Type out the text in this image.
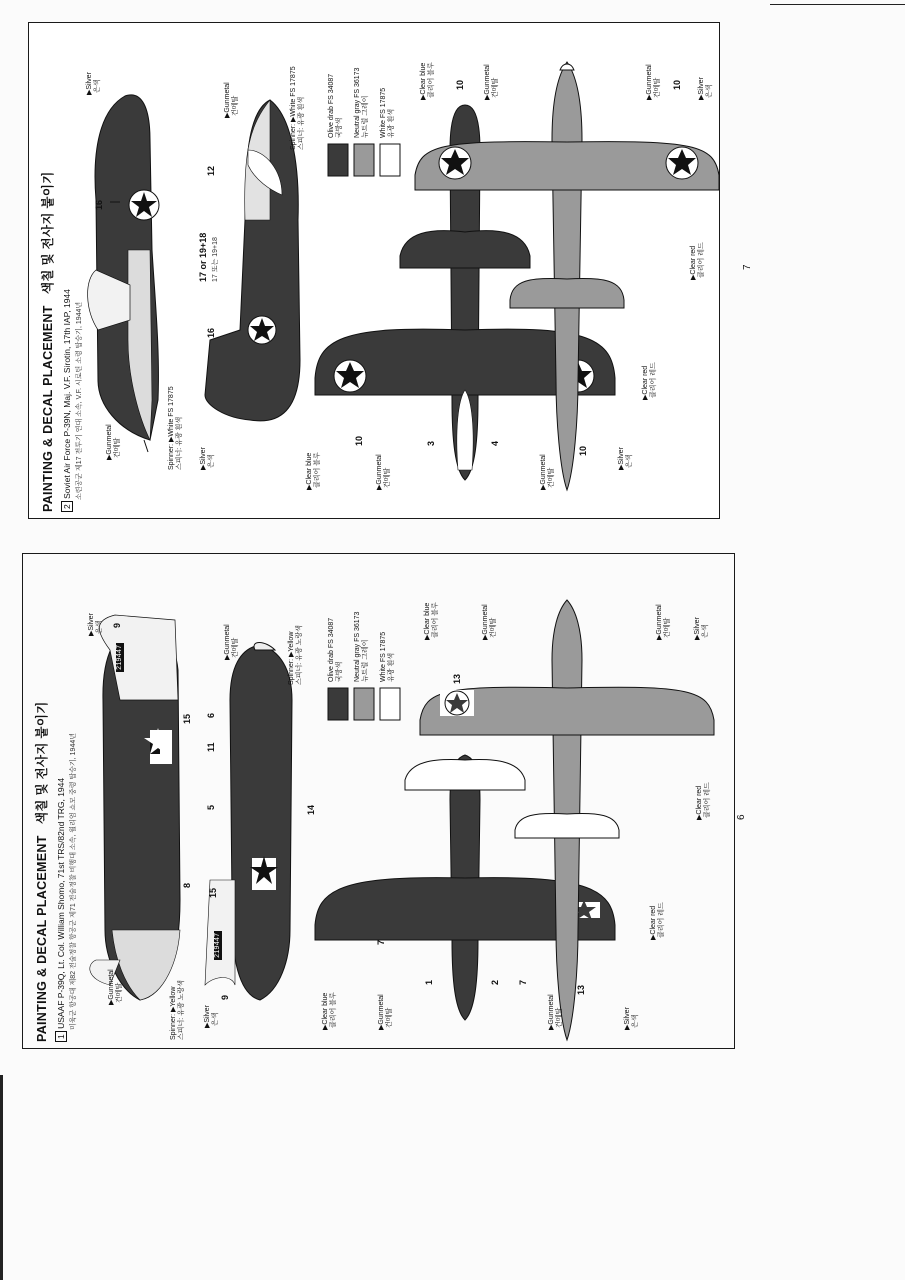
PAINTING & DECAL PLACEMENT   색칠 및 전사지 붙이기
2 Soviet Air Force P-39N, Maj. V.F. Sirotin, 17th IAP, 1944 소련공군 제17 전투기 연대 소속, V.F. 시로틴 소령 탑승기, 1944년
7
▶Silver
은색
▶Gunmetal
건메탈	Spinner: ▶White FS 17875
스피너: 유광 흰색
▶Gunmetal
건메탈
Spinner: ▶White FS 17875
스피너: 유광 흰색
▶Silver
은색
▶Clear blue
클리어 블루	▶Gunmetal
건메탈	▶Gunmetal
건메탈
▶Silver
은색
▶Clear red
클리어 레드
▶Clear blue
클리어 블루	▶Gunmetal
건메탈	▶Gunmetal
건메탈	▶Silver
은색
▶Clear red
클리어 레드
16
16
12
17 or 19+18 17 또는 19+18
10	3	4
10
10	10
Olive drab FS 34087
국방색 Neutral gray FS 36173
뉴트럴 그레이 White FS 17875
유광 흰색
PAINTING & DECAL PLACEMENT   색칠 및 전사지 붙이기
1 USAAF P-39Q, Lt. Col. William Shomo, 71st TRS/82nd TRG, 1944 미육군 항공대 제82 전술정찰 항공군 제71 전술정찰 비행대 소속, 윌리엄 쇼모 중령 탑승기, 1944년	6
▶Gunmetal
건메탈
Spinner: ▶Yellow
스피너: 유광 노랑색
▶Silver
은색
▶Silver
은색
▶Gunmetal
건메탈
Spinner: ▶Yellow
스피너: 유광 노랑색
▶Clear blue
클리어 블루	▶Gunmetal
건메탈	▶Gunmetal
건메탈	▶Silver
은색
▶Clear red
클리어 레드
▶Clear blue
클리어 블루	▶Gunmetal
건메탈	▶Gunmetal
건메탈	▶Silver
은색
▶Clear red
클리어 레드
9
8
15
5
11
6
15
9
14
1	2
7
7
13
13
219447
219447
Olive drab FS 34087
국방색 Neutral gray FS 36173
뉴트럴 그레이 White FS 17875
유광 흰색
